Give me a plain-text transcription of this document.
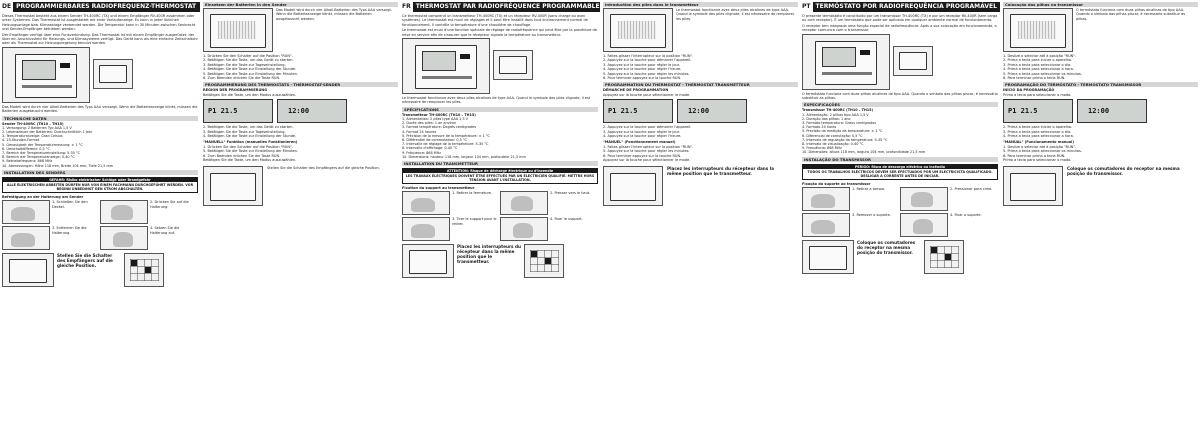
DE PROGRAMMIERBARES RADIOFREQUENZ-THERMOSTAT

Dieses Thermostat besteht aus einem Sender TH-400RC (TX) und einem Empfänger RV-400R zusammen oder unter Systemen. Das Thermostat ist ausgestattet mit einer Vorlaufanzeige. Es kann in jeder üblichen Heizungsanlage bzw. Klimaanlage verwendet werden. Die Temperatur kann in 30 Minuten zwischen Senkrecht und Sender-Empfänger betrieben werden.

Der Empfänger verfügt über eine Funkverbindung. Das Thermostat ist mit einem Empfänger ausgerüstet, der über ein Anschlussfeld für Heizungs- und Klimasysteme verfügt. Das Gerät kann als eine einfache Zeitschaltuhr oder als Thermostat zur Heizungsregelung benutzt werden.

Das Modell wird durch vier Alkali-Batterien des Typs AAA versorgt. Wenn die Batterieanzeige blinkt, müssen die Batterien ausgetauscht werden.
TECHNISCHE DATEN
Sender TH-400RC (TH10 – TH15)
1. Versorgung: 2 Batterien Typ AAA 1,5 V
2. Lebensdauer der Batterien: Durchschnittlich 1 Jahr
3. Temperaturanzeige: Grad Celsius
4. 23-Stunden-Format
5. Genauigkeit der Temperaturmessung: ± 1 °C
6. Umschaltdifferenz: 0,5 °C
7. Bereich der Temperatureinstellung: 5-35 °C
8. Bereich der Temperaturanzeige: 0-40 °C
9. Betriebsfrequenz: 868 MHz
10. Abmessungen: Höhe 118 mm, Breite 104 mm, Tiefe 21,5 mm
INSTALLATION DES SENDERS
GEFAHR: Risiko elektrischer Schläge oder Brandgefahr
ALLE ELEKTRISCHEN ARBEITEN DÜRFEN NUR VON EINEM FACHMANN DURCHGEFÜHRT WERDEN. VOR BEGINN UNBEDINGT DEN STROM ABSCHALTEN.
Befestigung an der Halterung am Sender
1. Schließen Sie den Deckel.
2. Drücken Sie auf die Halterung.
3. Entfernen Sie die Halterung.
4. Setzen Sie die Halterung auf.
Stellen Sie die Schalter des Empfängers auf die gleiche Position.
Einsetzen der Batterien in den Sender
Das Modell wird durch vier Alkali-Batterien des Typs AAA versorgt. Wenn die Batterieanzeige blinkt, müssen die Batterien ausgetauscht werden.
1. Drücken Sie den Schalter auf die Position "RUN".
2. Betätigen Sie die Taste, um das Gerät zu starten.
3. Betätigen Sie die Taste zur Tageseinstellung.
4. Betätigen Sie die Taste zur Einstellung der Stunde.
5. Betätigen Sie die Taste zur Einstellung der Minuten.
6. Zum Beenden drücken Sie die Taste RUN.
PROGRAMMIERUNG DES THERMOSTATS - THERMOSTAT-SENDER
REGION DER PROGRAMMIERUNG
Betätigen Sie die Taste, um den Modus auszuwählen.
P1 21.5	12:00
2. Betätigen Sie die Taste, um das Gerät zu starten.
3. Betätigen Sie die Taste zur Tageseinstellung.
4. Betätigen Sie die Taste zur Einstellung der Stunde.
"MANUELL" Funktion (manuelles Funktionieren)
1. Drücken Sie den Schalter auf die Position "RUN".
5. Betätigen Sie die Taste zur Einstellung der Minuten.
6. Zum Beenden drücken Sie die Taste RUN.
Betätigen Sie die Taste, um den Modus auszuwählen.
Stellen Sie die Schalter des Empfängers auf die gleiche Position.
FR THERMOSTAT PAR RADIOFRÉQUENCE PROGRAMMABLE

Ce thermostat comprend un transmetteur TH-400RC (TX) et un récepteur RV-400R (sans charge ou avec systèmes). Le thermostat est muni de réglages et il peut être installé dans tout environnement normal de fonctionnement. Il contrôle la température d'une chaudière de chauffage.

Le thermostat est muni d'une fonction spéciale de réglage de radiofréquence qui peut être par la procédure de mise en service afin de s'assurer que le récepteur signale la température au transmetteur.

Le thermostat fonctionne avec deux piles alcalines de type AAA. Quand le symbole des piles clignote, il est nécessaire de remplacer les piles.
SPÉCIFICATIONS
Transmetteur TH-400RC (TH10 – TH15)
1. Alimentation: 2 piles type AAA 1,5 V
2. Durée des piles: 1 an environ
3. Format température: Degrés centigrades
4. Format 24 heures
5. Précision de la mesure de la température: ± 1 °C
6. Différentiel de commutation: 0,5 °C
7. Intervalle de réglage de la température: 5-35 °C
8. Intervalle d'affichage: 0-40 °C
9. Fréquence: 868 MHz
10. Dimensions: hauteur 118 mm, largeur 104 mm, profondeur 21,5 mm
INSTALLATION DU TRANSMETTEUR
ATTENTION: Risque de décharge électrique ou d'incendie
LES TRAVAUX ÉLECTRIQUES DOIVENT ÊTRE EFFECTUÉS PAR UN ÉLECTRICIEN QUALIFIÉ. METTRE HORS TENSION AVANT L'INSTALLATION.
Fixation du support au transmetteur
1. Retirer la fermeture.	2. Presser vers le haut.
3. Tirer le support pour le retirer.
4. Fixer le support.
Placez les interrupteurs du récepteur dans la même position que le transmetteur.
Introduction des piles dans le transmetteur
Le thermostat fonctionne avec deux piles alcalines de type AAA. Quand le symbole des piles clignote, il est nécessaire de remplacer les piles.
1. Faites glisser l'interrupteur sur la position "RUN".
2. Appuyez sur la touche pour démarrer l'appareil.
3. Appuyez sur la touche pour régler le jour.
4. Appuyez sur la touche pour régler l'heure.
5. Appuyez sur la touche pour régler les minutes.
6. Pour terminer appuyez sur la touche RUN.
PROGRAMMATION DU THERMOSTAT - THERMOSTAT TRANSMETTEUR
DÉMARCHE DE PROGRAMMATION
Appuyez sur la touche pour sélectionner le mode.
P1 21.5	12:00
2. Appuyez sur la touche pour démarrer l'appareil.
3. Appuyez sur la touche pour régler le jour.
4. Appuyez sur la touche pour régler l'heure.
"MANUEL" (Fonctionnement manuel)
1. Faites glisser l'interrupteur sur la position "RUN".
5. Appuyez sur la touche pour régler les minutes.
6. Pour terminer appuyez sur la touche RUN.
Appuyez sur la touche pour sélectionner le mode.
Placez les interrupteurs du récepteur dans la même position que le transmetteur.
PT TERMÓSTATO POR RADIOFREQUÊNCIA PROGRAMÁVEL

O presente termóstato é constituído por um transmissor TH-400RC (TX) e por um receptor RV-400R (sem carga ou com receptor). É um termóstato que pode ser aplicado em qualquer ambiente normal de funcionamento.

O receptor tem integrada uma função especial de radiofrequência. Após a sua colocação em funcionamento, o receptor comunica com o transmissor.

O termóstato funciona com duas pilhas alcalinas de tipo AAA. Quando o símbolo das pilhas piscar, é necessário substituir as pilhas.
ESPECIFICAÇÕES
Transmissor TH-400RC (TH10 – TH15)
1. Alimentação: 2 pilhas tipo AAA 1,5 V
2. Duração das pilhas: 1 ano
3. Formato temperatura: Graus centígrados
4. Formato 24 horas
5. Precisão da medição da temperatura: ± 1 °C
6. Diferencial de comutação: 0,5 °C
7. Intervalo de regulação da temperatura: 5-35 °C
8. Intervalo de visualização: 0-40 °C
9. Frequência: 868 MHz
10. Dimensões: altura 118 mm, largura 104 mm, profundidade 21,5 mm
INSTALAÇÃO DO TRANSMISSOR
PERIGO: Risco de descarga eléctrica ou incêndio
TODOS OS TRABALHOS ELÉCTRICOS DEVEM SER EFECTUADOS POR UM ELECTRICISTA QUALIFICADO. DESLIGAR A CORRENTE ANTES DE INICIAR.
Fixação do suporte ao transmissor
1. Retirar a tampa.	2. Pressionar para cima.
3. Remover o suporte.	4. Fixar o suporte.
Coloque os comutadores do receptor na mesma posição do transmissor.
Colocação das pilhas no transmissor
O termóstato funciona com duas pilhas alcalinas de tipo AAA. Quando o símbolo das pilhas piscar, é necessário substituir as pilhas.
1. Deslize o selector até à posição "RUN".
2. Prima a tecla para iniciar o aparelho.
3. Prima a tecla para seleccionar o dia.
4. Prima a tecla para seleccionar a hora.
5. Prima a tecla para seleccionar os minutos.
6. Para terminar prima a tecla RUN.
PROGRAMAÇÃO DO TERMÓSTATO - TERMÓSTATO TRANSMISSOR
INÍCIO DA PROGRAMAÇÃO
Prima a tecla para seleccionar o modo.
P1 21.5	12:00
2. Prima a tecla para iniciar o aparelho.
3. Prima a tecla para seleccionar o dia.
4. Prima a tecla para seleccionar a hora.
"MANUAL" (Funcionamento manual)
1. Deslize o selector até à posição "RUN".
5. Prima a tecla para seleccionar os minutos.
6. Para terminar prima a tecla RUN.
Prima a tecla para seleccionar o modo.
Coloque os comutadores do receptor na mesma posição do transmissor.
